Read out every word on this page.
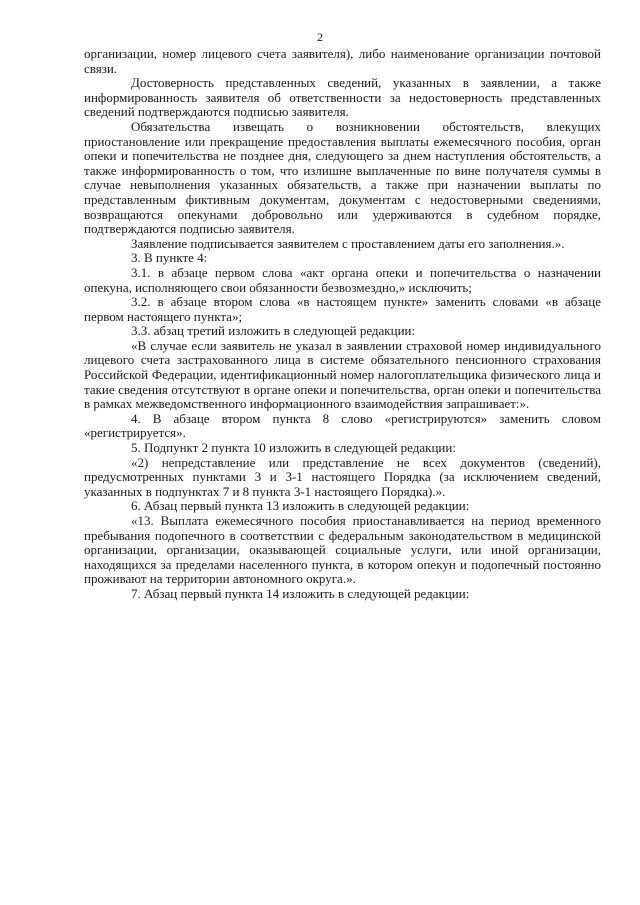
2

организации, номер лицевого счета заявителя), либо наименование организации почтовой связи.

Достоверность представленных сведений, указанных в заявлении, а также информированность заявителя об ответственности за недостоверность представленных сведений подтверждаются подписью заявителя.

Обязательства извещать о возникновении обстоятельств, влекущих приостановление или прекращение предоставления выплаты ежемесячного пособия, орган опеки и попечительства не позднее дня, следующего за днем наступления обстоятельств, а также информированность о том, что излишне выплаченные по вине получателя суммы в случае невыполнения указанных обязательств, а также при назначении выплаты по представленным фиктивным документам, документам с недостоверными сведениями, возвращаются опекунами добровольно или удерживаются в судебном порядке, подтверждаются подписью заявителя.

Заявление подписывается заявителем с проставлением даты его заполнения.».

3. В пункте 4:

3.1. в абзаце первом слова «акт органа опеки и попечительства о назначении опекуна, исполняющего свои обязанности безвозмездно,» исключить;

3.2. в абзаце втором слова «в настоящем пункте» заменить словами «в абзаце первом настоящего пункта»;

3.3. абзац третий изложить в следующей редакции:

«В случае если заявитель не указал в заявлении страховой номер индивидуального лицевого счета застрахованного лица в системе обязательного пенсионного страхования Российской Федерации, идентификационный номер налогоплательщика физического лица и такие сведения отсутствуют в органе опеки и попечительства, орган опеки и попечительства в рамках межведомственного информационного взаимодействия запрашивает:».

4. В абзаце втором пункта 8 слово «регистрируются» заменить словом «регистрируется».

5. Подпункт 2 пункта 10 изложить в следующей редакции:

«2) непредставление или представление не всех документов (сведений), предусмотренных пунктами 3 и 3-1 настоящего Порядка (за исключением сведений, указанных в подпунктах 7 и 8 пункта 3-1 настоящего Порядка).».

6. Абзац первый пункта 13 изложить в следующей редакции:

«13. Выплата ежемесячного пособия приостанавливается на период временного пребывания подопечного в соответствии с федеральным законодательством в медицинской организации, организации, оказывающей социальные услуги, или иной организации, находящихся за пределами населенного пункта, в котором опекун и подопечный постоянно проживают на территории автономного округа.».

7. Абзац первый пункта 14 изложить в следующей редакции:
